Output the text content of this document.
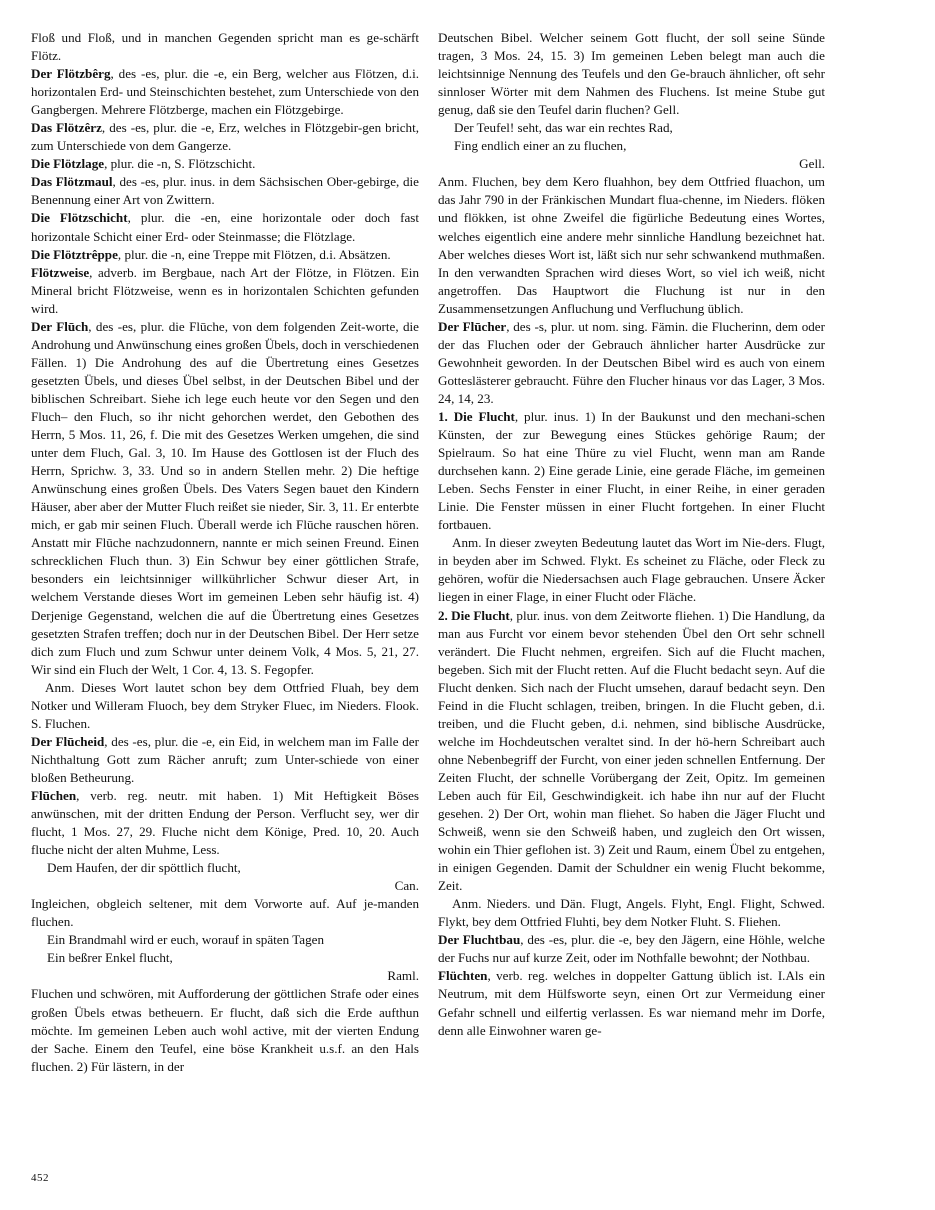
Floß und Floß, und in manchen Gegenden spricht man es ge-schärft Flötz.

Der Flötzbêrg, des -es, plur. die -e, ein Berg, welcher aus Flötzen, d.i. horizontalen Erd- und Steinschichten bestehet, zum Unterschiede von den Gangbergen. Mehrere Flötzberge, machen ein Flötzgebirge.

Das Flötzêrz, des -es, plur. die -e, Erz, welches in Flötzgebir-gen bricht, zum Unterschiede von dem Gangerze.

Die Flötzlage, plur. die -n, S. Flötzschicht.

Das Flötzmaul, des -es, plur. inus. in dem Sächsischen Ober-gebirge, die Benennung einer Art von Zwittern.

Die Flötzschicht, plur. die -en, eine horizontale oder doch fast horizontale Schicht einer Erd- oder Steinmasse; die Flötzlage.

Die Flötztrêppe, plur. die -n, eine Treppe mit Flötzen, d.i. Absätzen.

Flötzweise, adverb. im Bergbaue, nach Art der Flötze, in Flötzen. Ein Mineral bricht Flötzweise, wenn es in horizontalen Schichten gefunden wird.

Der Flūch, des -es, plur. die Flūche, von dem folgenden Zeit-worte, die Androhung und Anwünschung eines großen Übels, doch in verschiedenen Fällen. 1) Die Androhung des auf die Übertretung eines Gesetzes gesetzten Übels, und dieses Übel selbst, in der Deutschen Bibel und der biblischen Schreibart. Siehe ich lege euch heute vor den Segen und den Fluch– den Fluch, so ihr nicht gehorchen werdet, den Gebothen des Herrn, 5 Mos. 11, 26, f. Die mit des Gesetzes Werken umgehen, die sind unter dem Fluch, Gal. 3, 10. Im Hause des Gottlosen ist der Fluch des Herrn, Sprichw. 3, 33. Und so in andern Stellen mehr. 2) Die heftige Anwünschung eines großen Übels. Des Vaters Segen bauet den Kindern Häuser, aber aber der Mutter Fluch reißet sie nieder, Sir. 3, 11. Er enterbte mich, er gab mir seinen Fluch. Überall werde ich Flūche rauschen hören. Anstatt mir Flūche nachzudonnern, nannte er mich seinen Freund. Einen schrecklichen Fluch thun. 3) Ein Schwur bey einer göttlichen Strafe, besonders ein leichtsinniger willkührlicher Schwur dieser Art, in welchem Verstande dieses Wort im gemeinen Leben sehr häufig ist. 4) Derjenige Gegenstand, welchen die auf die Übertretung eines Gesetzes gesetzten Strafen treffen; doch nur in der Deutschen Bibel. Der Herr setze dich zum Fluch und zum Schwur unter deinem Volk, 4 Mos. 5, 21, 27. Wir sind ein Fluch der Welt, 1 Cor. 4, 13. S. Fegopfer.

Anm. Dieses Wort lautet schon bey dem Ottfried Fluah, bey dem Notker und Willeram Fluoch, bey dem Stryker Fluec, im Nieders. Flook. S. Fluchen.

Der Flūcheid, des -es, plur. die -e, ein Eid, in welchem man im Falle der Nichthaltung Gott zum Rächer anruft; zum Unter-schiede von einer bloßen Betheurung.

Flūchen, verb. reg. neutr. mit haben. 1) Mit Heftigkeit Böses anwünschen, mit der dritten Endung der Person. Verflucht sey, wer dir flucht, 1 Mos. 27, 29. Fluche nicht dem Könige, Pred. 10, 20. Auch fluche nicht der alten Muhme, Less.

Dem Haufen, der dir spöttlich flucht,

Can.

Ingleichen, obgleich seltener, mit dem Vorworte auf. Auf je-manden fluchen.

Ein Brandmahl wird er euch, worauf in späten Tagen

Ein beßrer Enkel flucht,

Raml.

Fluchen und schwören, mit Aufforderung der göttlichen Strafe oder eines großen Übels etwas betheuern. Er flucht, daß sich die Erde aufthun möchte. Im gemeinen Leben auch wohl active, mit der vierten Endung der Sache. Einem den Teufel, eine böse Krankheit u.s.f. an den Hals fluchen. 2) Für lästern, in der

Deutschen Bibel. Welcher seinem Gott flucht, der soll seine Sünde tragen, 3 Mos. 24, 15. 3) Im gemeinen Leben belegt man auch die leichtsinnige Nennung des Teufels und den Ge-brauch ähnlicher, oft sehr sinnloser Wörter mit dem Nahmen des Fluchens. Ist meine Stube gut genug, daß sie den Teufel darin fluchen? Gell.

Der Teufel! seht, das war ein rechtes Rad,

Fing endlich einer an zu fluchen,

Gell.

Anm. Fluchen, bey dem Kero fluahhon, bey dem Ottfried fluachon, um das Jahr 790 in der Fränkischen Mundart flua-chenne, im Nieders. flöken und flökken, ist ohne Zweifel die figürliche Bedeutung eines Wortes, welches eigentlich eine andere mehr sinnliche Handlung bezeichnet hat. Aber welches dieses Wort ist, läßt sich nur sehr schwankend muthmaßen. In den verwandten Sprachen wird dieses Wort, so viel ich weiß, nicht angetroffen. Das Hauptwort die Fluchung ist nur in den Zusammensetzungen Anfluchung und Verfluchung üblich.

Der Flūcher, des -s, plur. ut nom. sing. Fämin. die Flucherinn, dem oder der das Fluchen oder der Gebrauch ähnlicher harter Ausdrücke zur Gewohnheit geworden. In der Deutschen Bibel wird es auch von einem Gotteslästerer gebraucht. Führe den Flucher hinaus vor das Lager, 3 Mos. 24, 14, 23.

1. Die Flucht, plur. inus. 1) In der Baukunst und den mechani-schen Künsten, der zur Bewegung eines Stückes gehörige Raum; der Spielraum. So hat eine Thüre zu viel Flucht, wenn man am Rande durchsehen kann. 2) Eine gerade Linie, eine gerade Fläche, im gemeinen Leben. Sechs Fenster in einer Flucht, in einer Reihe, in einer geraden Linie. Die Fenster müssen in einer Flucht fortgehen. In einer Flucht fortbauen.

Anm. In dieser zweyten Bedeutung lautet das Wort im Nie-ders. Flugt, in beyden aber im Schwed. Flykt. Es scheinet zu Fläche, oder Fleck zu gehören, wofür die Niedersachsen auch Flage gebrauchen. Unsere Äcker liegen in einer Flage, in einer Flucht oder Fläche.

2. Die Flucht, plur. inus. von dem Zeitworte fliehen. 1) Die Handlung, da man aus Furcht vor einem bevor stehenden Übel den Ort sehr schnell verändert. Die Flucht nehmen, ergreifen. Sich auf die Flucht machen, begeben. Sich mit der Flucht retten. Auf die Flucht bedacht seyn. Auf die Flucht denken. Sich nach der Flucht umsehen, darauf bedacht seyn. Den Feind in die Flucht schlagen, treiben, bringen. In die Flucht geben, d.i. treiben, und die Flucht geben, d.i. nehmen, sind biblische Ausdrücke, welche im Hochdeutschen veraltet sind. In der hö-hern Schreibart auch ohne Nebenbegriff der Furcht, von einer jeden schnellen Entfernung. Der Zeiten Flucht, der schnelle Vorübergang der Zeit, Opitz. Im gemeinen Leben auch für Eil, Geschwindigkeit. ich habe ihn nur auf der Flucht gesehen. 2) Der Ort, wohin man fliehet. So haben die Jäger Flucht und Schweiß, wenn sie den Schweiß haben, und zugleich den Ort wissen, wohin ein Thier geflohen ist. 3) Zeit und Raum, einem Übel zu entgehen, in einigen Gegenden. Damit der Schuldner ein wenig Flucht bekomme, Zeit.

Anm. Nieders. und Dän. Flugt, Angels. Flyht, Engl. Flight, Schwed. Flykt, bey dem Ottfried Fluhti, bey dem Notker Fluht. S. Fliehen.

Der Fluchtbau, des -es, plur. die -e, bey den Jägern, eine Höhle, welche der Fuchs nur auf kurze Zeit, oder im Nothfalle bewohnt; der Nothbau.

Flüchten, verb. reg. welches in doppelter Gattung üblich ist. I.Als ein Neutrum, mit dem Hülfsworte seyn, einen Ort zur Vermeidung einer Gefahr schnell und eilfertig verlassen. Es war niemand mehr im Dorfe, denn alle Einwohner waren ge-

452
